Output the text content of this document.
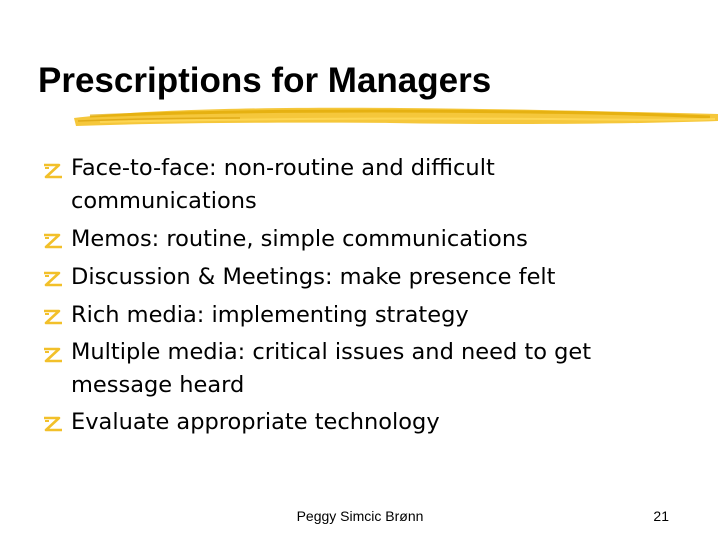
Prescriptions for Managers
Face-to-face: non-routine and difficult communications
Memos: routine, simple communications
Discussion & Meetings: make presence felt
Rich media: implementing strategy
Multiple media: critical issues and need to get message heard
Evaluate appropriate technology
Peggy Simcic Brønn	21
